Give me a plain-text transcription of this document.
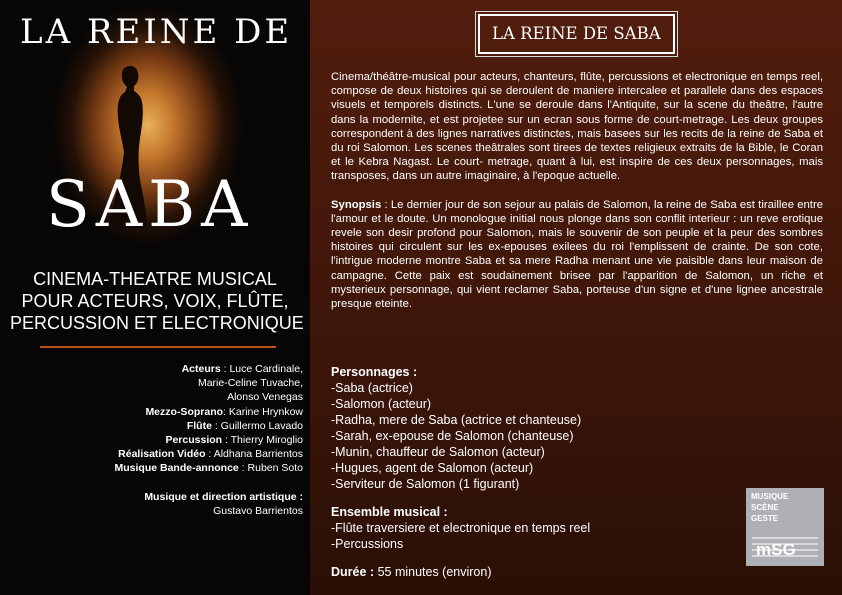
LA REINE DE
SABA
CINEMA-THEATRE MUSICAL
POUR ACTEURS, VOIX, FLÛTE,
PERCUSSION ET ELECTRONIQUE
Acteurs : Luce Cardinale,
Marie-Celine Tuvache,
Alonso Venegas
Mezzo-Soprano: Karine Hrynkow
Flûte : Guillermo Lavado
Percussion : Thierry Miroglio
Réalisation Vidéo : Aldhana Barrientos
Musique Bande-annonce : Ruben Soto
Musique et direction artistique :
Gustavo Barrientos
LA REINE DE SABA

Cinema/théâtre-musical pour acteurs, chanteurs, flûte, percussions et electronique en temps reel, compose de deux histoires qui se deroulent de maniere intercalee et parallele dans des espaces visuels et temporels distincts. L'une se deroule dans l'Antiquite, sur la scene du theâtre, l'autre dans la modernite, et est projetee sur un ecran sous forme de court-metrage. Les deux groupes correspondent à des lignes narratives distinctes, mais basees sur les recits de la reine de Saba et du roi Salomon. Les scenes theâtrales sont tirees de textes religieux extraits de la Bible, le Coran et le Kebra Nagast. Le court- metrage, quant à lui, est inspire de ces deux personnages, mais transposes, dans un autre imaginaire, à l'epoque actuelle.

Synopsis : Le dernier jour de son sejour au palais de Salomon, la reine de Saba est tiraillee entre l'amour et le doute. Un monologue initial nous plonge dans son conflit interieur : un reve erotique revele son desir profond pour Salomon, mais le souvenir de son peuple et la peur des sombres histoires qui circulent sur les ex-epouses exilees du roi l'emplissent de crainte. De son cote, l'intrigue moderne montre Saba et sa mere Radha menant une vie paisible dans leur maison de campagne. Cette paix est soudainement brisee par l'apparition de Salomon, un riche et mysterieux personnage, qui vient reclamer Saba, porteuse d'un signe et d'une lignee ancestrale presque eteinte.

Personnages :
-Saba (actrice)
-Salomon (acteur)
-Radha, mere de Saba (actrice et chanteuse)
-Sarah, ex-epouse de Salomon (chanteuse)
-Munin, chauffeur de Salomon (acteur)
-Hugues, agent de Salomon (acteur)
-Serviteur de Salomon (1 figurant)
Ensemble musical :
-Flûte traversiere et electronique en temps reel
-Percussions
Durée : 55 minutes (environ)
MUSIQUE
SCÈNE
GESTE
mSG
